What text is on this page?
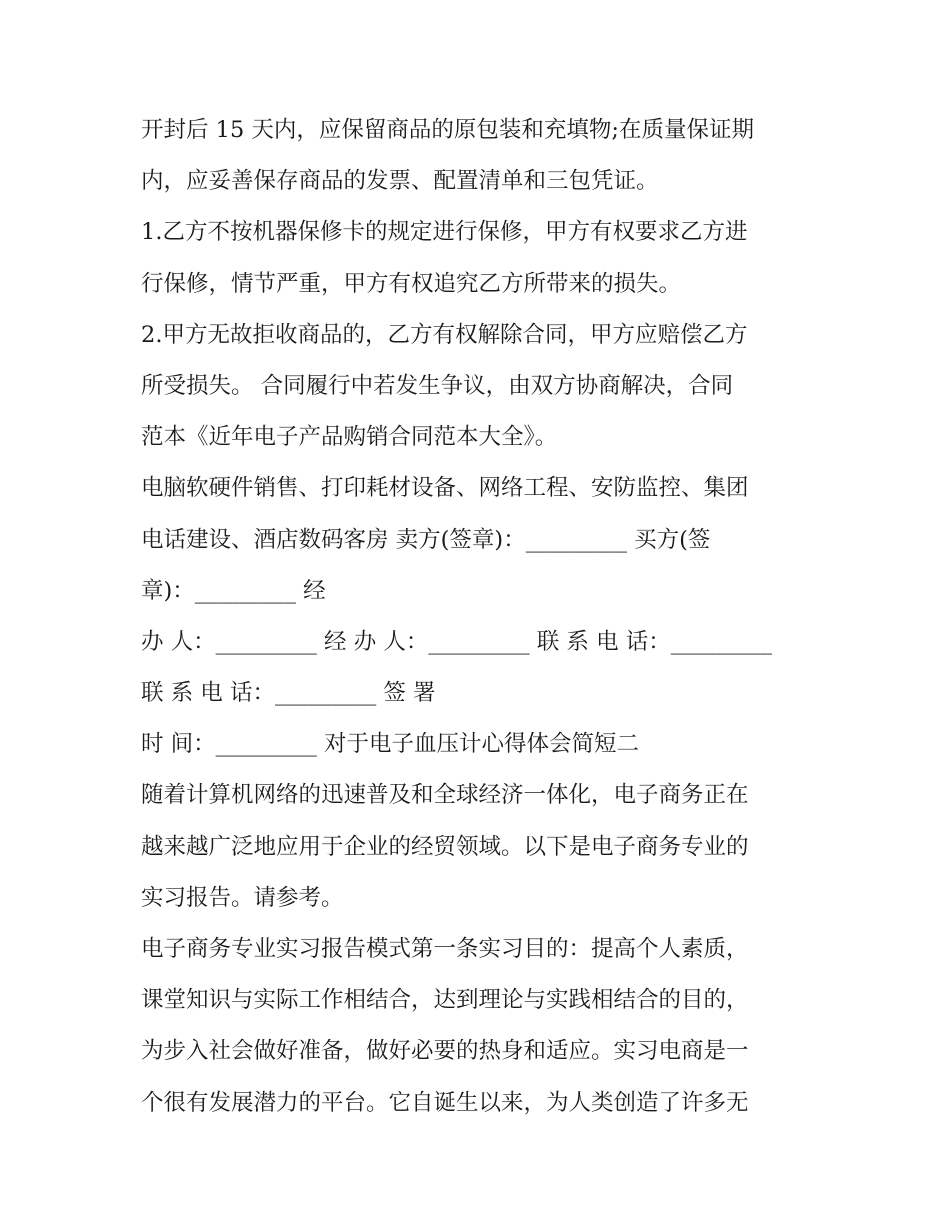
开封后 15 天内，应保留商品的原包装和充填物;在质量保证期
内，应妥善保存商品的发票、配置清单和三包凭证。
1.乙方不按机器保修卡的规定进行保修，甲方有权要求乙方进
行保修，情节严重，甲方有权追究乙方所带来的损失。
2.甲方无故拒收商品的，乙方有权解除合同，甲方应赔偿乙方
所受损失。 合同履行中若发生争议，由双方协商解决，合同
范本《近年电子产品购销合同范本大全》。
电脑软硬件销售、打印耗材设备、网络工程、安防监控、集团
电话建设、酒店数码客房 卖方(签章)：_________ 买方(签
章)：_________ 经
办 人：_________ 经 办 人：_________ 联 系 电 话：_________
联 系 电 话：_________ 签 署
时 间：_________ 对于电子血压计心得体会简短二
随着计算机网络的迅速普及和全球经济一体化，电子商务正在
越来越广泛地应用于企业的经贸领域。以下是电子商务专业的
实习报告。请参考。
电子商务专业实习报告模式第一条实习目的：提高个人素质，
课堂知识与实际工作相结合，达到理论与实践相结合的目的，
为步入社会做好准备，做好必要的热身和适应。实习电商是一
个很有发展潜力的平台。它自诞生以来，为人类创造了许多无
